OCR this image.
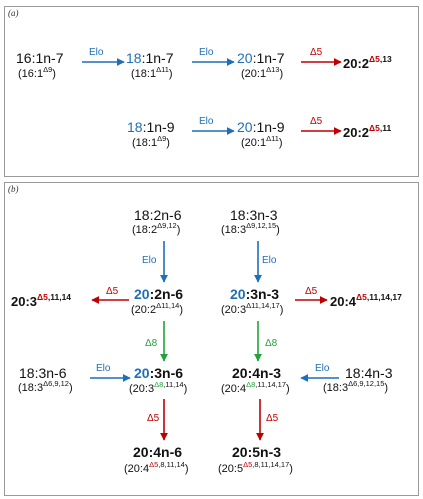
(a)
16:1n-7
$(16:1^{\Delta 9})$
Elo 18:1n-7
$(18:1^{\Delta 11})$
Elo 20:1n-7
$(20:1^{\Delta 13})$
Δ5
$20:2^{\Delta 5,13}$
18:1n-9
$(18:1^{\Delta 9})$
Elo 20:1n-9
$(20:1^{\Delta 11})$
Δ5
$20:2^{\Delta 5,11}$
(b)
18:2n-6
$(18:2^{\Delta 9,12})$
18:3n-3
$(18:3^{\Delta 9,12,15})$
Elo	Elo
20:2n-6
$(20:2^{\Delta 11,14})$
20:3n-3
$(20:3^{\Delta 11,14,17})$
Δ5	Δ5
$20:3^{\Delta 5,11,14}$	$20:4^{\Delta 5,11,14,17}$
Δ8	Δ8
18:3n-6
$(18:3^{\Delta 6,9,12})$
18:4n-3
$(18:3^{\Delta 6,9,12,15})$
Elo	Elo
20:3n-6
$(20:3^{\Delta 8,11,14})$
20:4n-3
$(20:4^{\Delta 8,11,14,17})$
Δ5	Δ5
20:4n-6
$(20:4^{\Delta 5,8,11,14})$
20:5n-3
$(20:5^{\Delta 5,8,11,14,17})$
